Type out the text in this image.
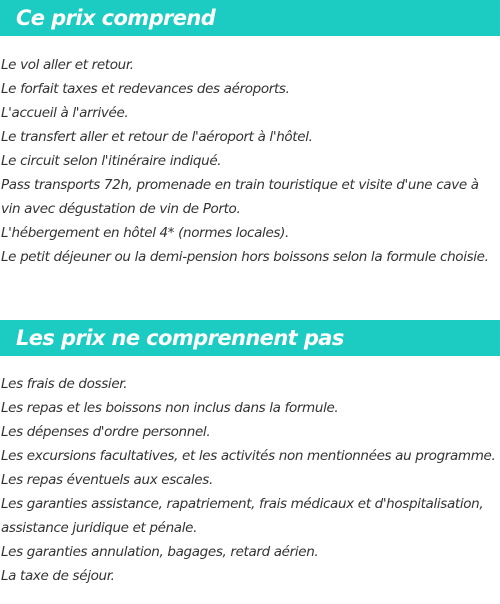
Ce prix comprend
Le vol aller et retour.
Le forfait taxes et redevances des aéroports.
L'accueil à l'arrivée.
Le transfert aller et retour de l'aéroport à l'hôtel.
Le circuit selon l'itinéraire indiqué.
Pass transports 72h, promenade en train touristique et visite d'une cave à vin avec dégustation de vin de Porto.
L'hébergement en hôtel 4* (normes locales).
Le petit déjeuner ou la demi-pension hors boissons selon la formule choisie.
Les prix ne comprennent pas
Les frais de dossier.
Les repas et les boissons non inclus dans la formule.
Les dépenses d'ordre personnel.
Les excursions facultatives, et les activités non mentionnées au programme.
Les repas éventuels aux escales.
Les garanties assistance, rapatriement, frais médicaux et d'hospitalisation, assistance juridique et pénale.
Les garanties annulation, bagages, retard aérien.
La taxe de séjour.
